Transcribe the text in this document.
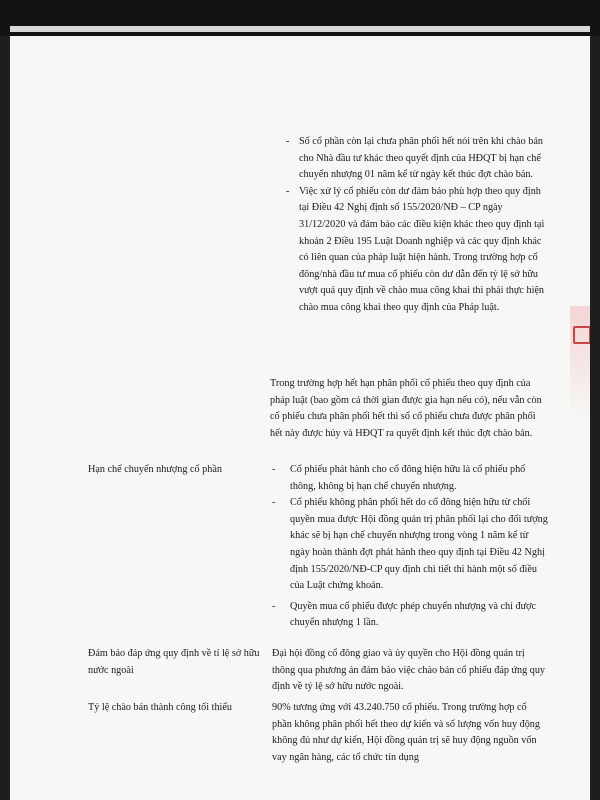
- Số cổ phần còn lại chưa phân phối hết nói trên khi chào bán cho Nhà đầu tư khác theo quyết định của HĐQT bị hạn chế chuyển nhượng 01 năm kể từ ngày kết thúc đợt chào bán.
- Việc xử lý cổ phiếu còn dư đảm bảo phù hợp theo quy định tại Điều 42 Nghị định số 155/2020/NĐ – CP ngày 31/12/2020 và đảm bảo các điều kiện khác theo quy định tại khoản 2 Điều 195 Luật Doanh nghiệp và các quy định khác có liên quan của pháp luật hiện hành. Trong trường hợp cổ đông/nhà đầu tư mua cổ phiếu còn dư dẫn đến tỷ lệ sở hữu vượt quá quy định về chào mua công khai thì phải thực hiện chào mua công khai theo quy định của Pháp luật.
Trong trường hợp hết hạn phân phối cổ phiếu theo quy định của pháp luật (bao gồm cả thời gian được gia hạn nếu có), nếu vẫn còn cổ phiếu chưa phân phối hết thì số cổ phiếu chưa được phân phối hết này được hủy và HĐQT ra quyết định kết thúc đợt chào bán.
Hạn chế chuyển nhượng cổ phần
-	Cổ phiếu phát hành cho cổ đông hiện hữu là cổ phiếu phổ thông, không bị hạn chế chuyển nhượng.
- Cổ phiếu không phân phối hết do cổ đông hiện hữu từ chối quyền mua được Hội đồng quản trị phân phối lại cho đối tượng khác sẽ bị hạn chế chuyển nhượng trong vòng 1 năm kể từ ngày hoàn thành đợt phát hành theo quy định tại Điều 42 Nghị định 155/2020/NĐ-CP quy định chi tiết thi hành một số điều của Luật chứng khoán.
- Quyền mua cổ phiếu được phép chuyển nhượng và chỉ được chuyển nhượng 1 lần.
Đảm bảo đáp ứng quy định về tỉ lệ sở hữu nước ngoài
Đại hội đồng cổ đông giao và ủy quyền cho Hội đồng quản trị thông qua phương án đảm bảo việc chào bán cổ phiếu đáp ứng quy định về tỷ lệ sở hữu nước ngoài.
Tỷ lệ chào bán thành công tối thiểu	90% tương ứng với 43.240.750 cổ phiếu. Trong trường hợp cổ phần không phân phối hết theo dự kiến và số lượng vốn huy động không đủ như dự kiến, Hội đồng quản trị sẽ huy động nguồn vốn vay ngân hàng, các tổ chức tín dụng
